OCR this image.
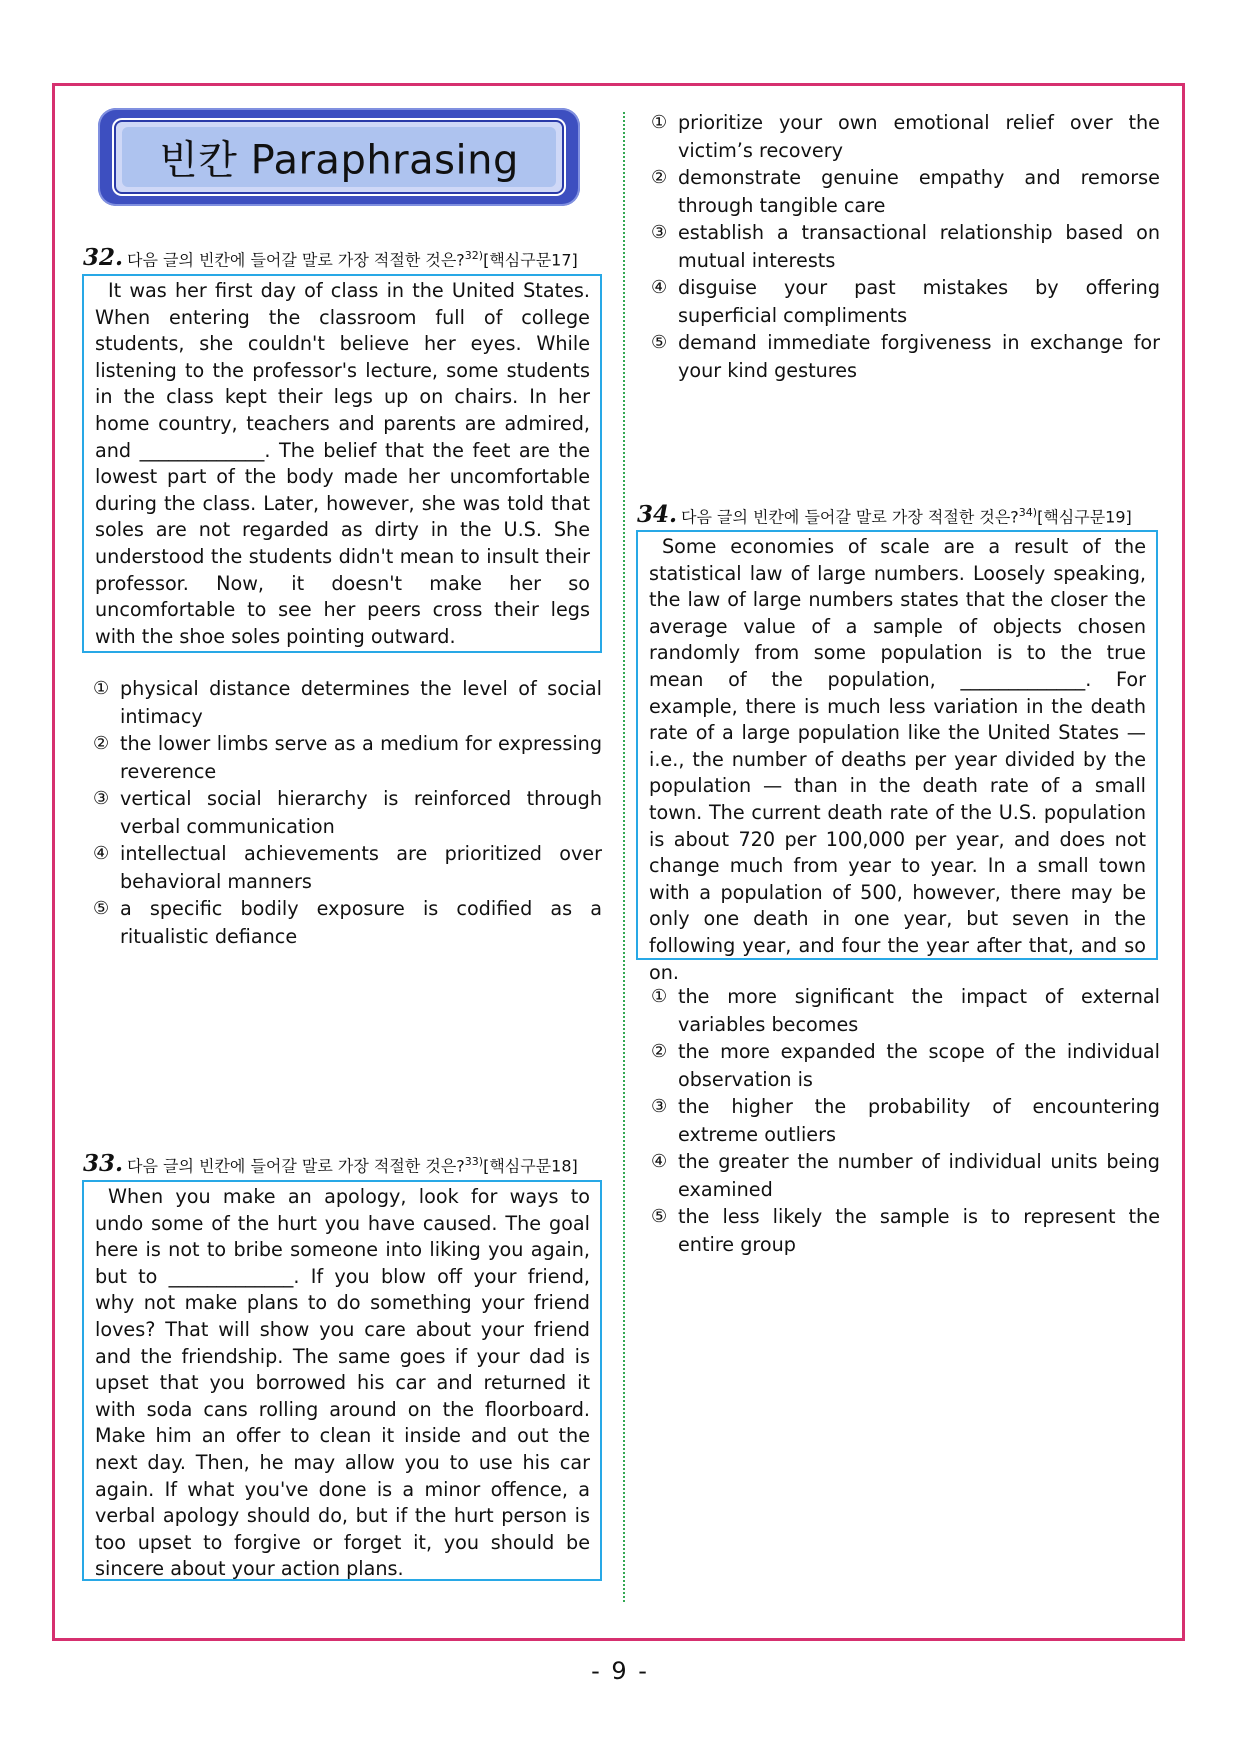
빈칸 Paraphrasing
32. 다음 글의 빈칸에 들어갈 말로 가장 적절한 것은?$^{32)}$[핵심구문17]
It was her first day of class in the United States. When entering the classroom full of college students, she couldn't believe her eyes. While listening to the professor's lecture, some students in the class kept their legs up on chairs. In her home country, teachers and parents are admired, and _____________. The belief that the feet are the lowest part of the body made her uncomfortable during the class. Later, however, she was told that soles are not regarded as dirty in the U.S. She understood the students didn't mean to insult their professor. Now, it doesn't make her so uncomfortable to see her peers cross their legs with the shoe soles pointing outward.
① physical distance determines the level of social intimacy
② the lower limbs serve as a medium for expressing reverence
③ vertical social hierarchy is reinforced through verbal communication
④ intellectual achievements are prioritized over behavioral manners
⑤ a specific bodily exposure is codified as a ritualistic defiance
33. 다음 글의 빈칸에 들어갈 말로 가장 적절한 것은?$^{33)}$[핵심구문18]
When you make an apology, look for ways to undo some of the hurt you have caused. The goal here is not to bribe someone into liking you again, but to _____________. If you blow off your friend, why not make plans to do something your friend loves? That will show you care about your friend and the friendship. The same goes if your dad is upset that you borrowed his car and returned it with soda cans rolling around on the floorboard. Make him an offer to clean it inside and out the next day. Then, he may allow you to use his car again. If what you've done is a minor offence, a verbal apology should do, but if the hurt person is too upset to forgive or forget it, you should be sincere about your action plans.
① prioritize your own emotional relief over the victim’s recovery
② demonstrate genuine empathy and remorse through tangible care
③ establish a transactional relationship based on mutual interests
④ disguise your past mistakes by offering superficial compliments
⑤ demand immediate forgiveness in exchange for your kind gestures
34. 다음 글의 빈칸에 들어갈 말로 가장 적절한 것은?$^{34)}$[핵심구문19]
Some economies of scale are a result of the statistical law of large numbers. Loosely speaking, the law of large numbers states that the closer the average value of a sample of objects chosen randomly from some population is to the true mean of the population, _____________. For example, there is much less variation in the death rate of a large population like the United States — i.e., the number of deaths per year divided by the population — than in the death rate of a small town. The current death rate of the U.S. population is about 720 per 100,000 per year, and does not change much from year to year. In a small town with a population of 500, however, there may be only one death in one year, but seven in the following year, and four the year after that, and so on.
① the more significant the impact of external variables becomes
② the more expanded the scope of the individual observation is
③ the higher the probability of encountering extreme outliers
④ the greater the number of individual units being examined
⑤ the less likely the sample is to represent the entire group
- 9 -
